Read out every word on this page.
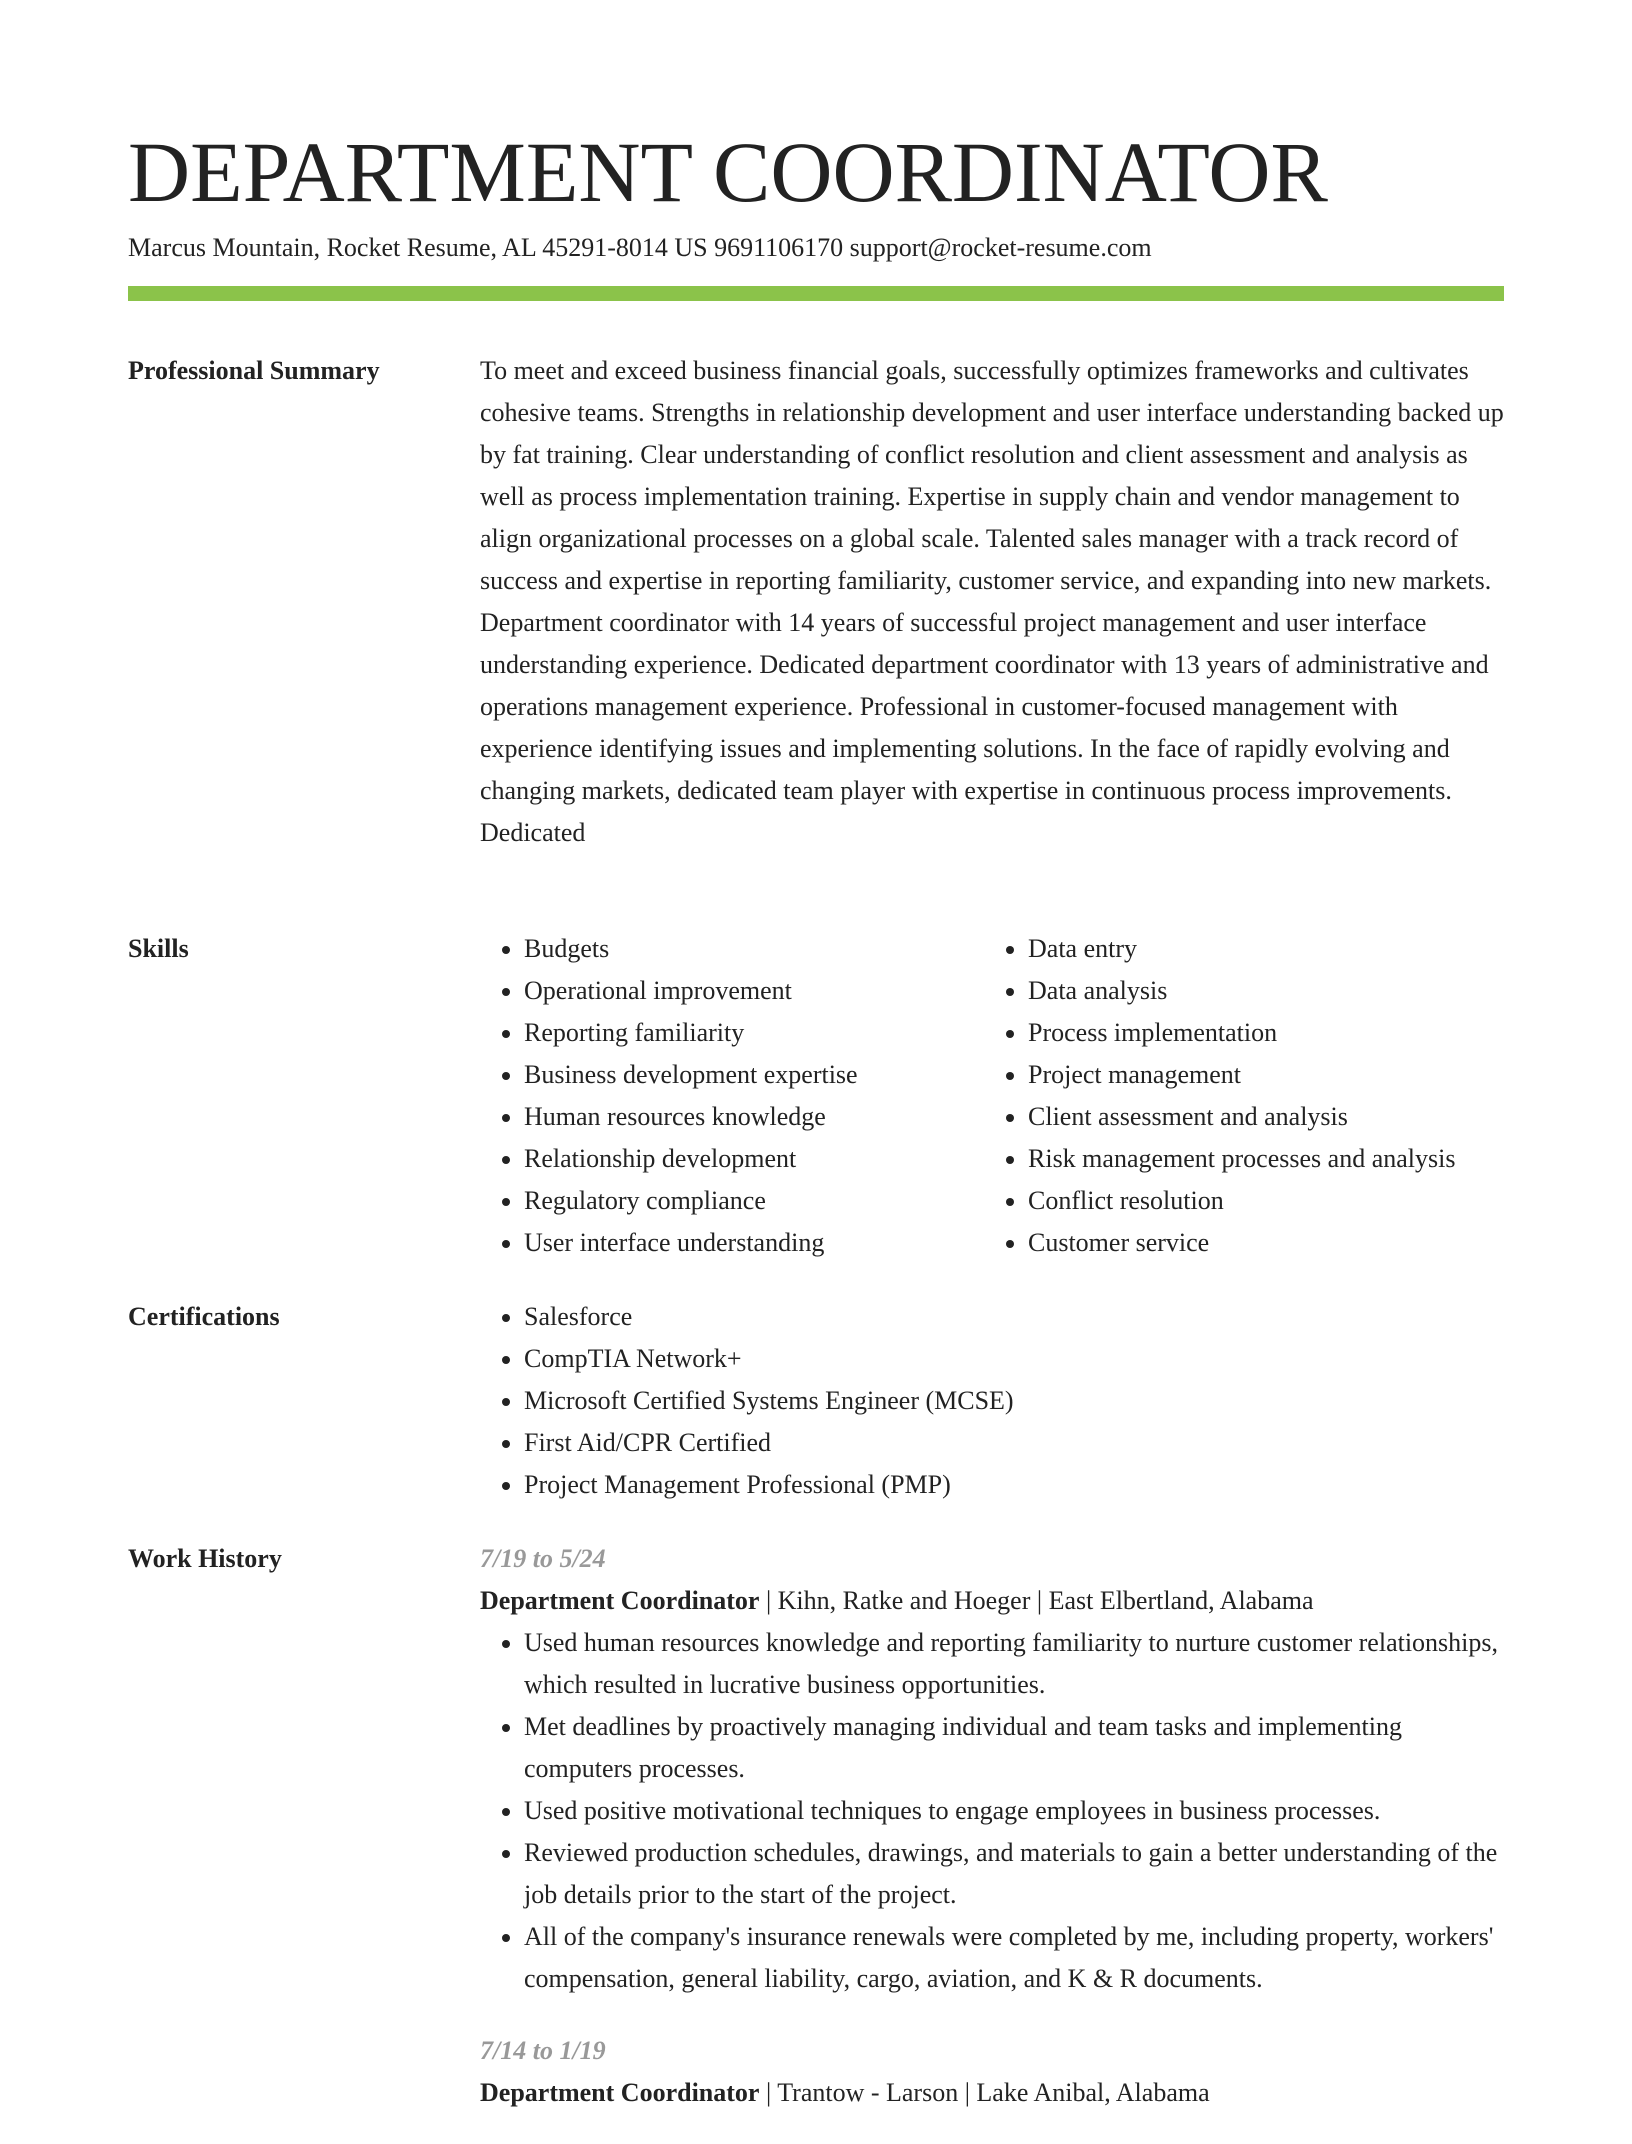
DEPARTMENT COORDINATOR
Marcus Mountain, Rocket Resume, AL 45291-8014 US 9691106170 support@rocket-resume.com
Professional Summary	To meet and exceed business financial goals, successfully optimizes frameworks and cultivates cohesive teams. Strengths in relationship development and user interface understanding backed up by fat training. Clear understanding of conflict resolution and client assessment and analysis as well as process implementation training. Expertise in supply chain and vendor management to align organizational processes on a global scale. Talented sales manager with a track record of success and expertise in reporting familiarity, customer service, and expanding into new markets. Department coordinator with 14 years of successful project management and user interface understanding experience. Dedicated department coordinator with 13 years of administrative and operations management experience. Professional in customer-focused management with experience identifying issues and implementing solutions. In the face of rapidly evolving and changing markets, dedicated team player with expertise in continuous process improvements. Dedicated

Skills	• Budgets
• Operational improvement
• Reporting familiarity
• Business development expertise
• Human resources knowledge
• Relationship development
• Regulatory compliance
• User interface understanding
• Data entry
• Data analysis
• Process implementation
• Project management
• Client assessment and analysis
• Risk management processes and analysis
• Conflict resolution
• Customer service
Certifications	• Salesforce
• CompTIA Network+
• Microsoft Certified Systems Engineer (MCSE)
• First Aid/CPR Certified
• Project Management Professional (PMP)
Work History	7/19 to 5/24
Department Coordinator | Kihn, Ratke and Hoeger | East Elbertland, Alabama
• Used human resources knowledge and reporting familiarity to nurture customer relationships, which resulted in lucrative business opportunities.
• Met deadlines by proactively managing individual and team tasks and implementing computers processes.
• Used positive motivational techniques to engage employees in business processes.
• Reviewed production schedules, drawings, and materials to gain a better understanding of the job details prior to the start of the project.
• All of the company's insurance renewals were completed by me, including property, workers' compensation, general liability, cargo, aviation, and K & R documents.
7/14 to 1/19
Department Coordinator | Trantow - Larson | Lake Anibal, Alabama
